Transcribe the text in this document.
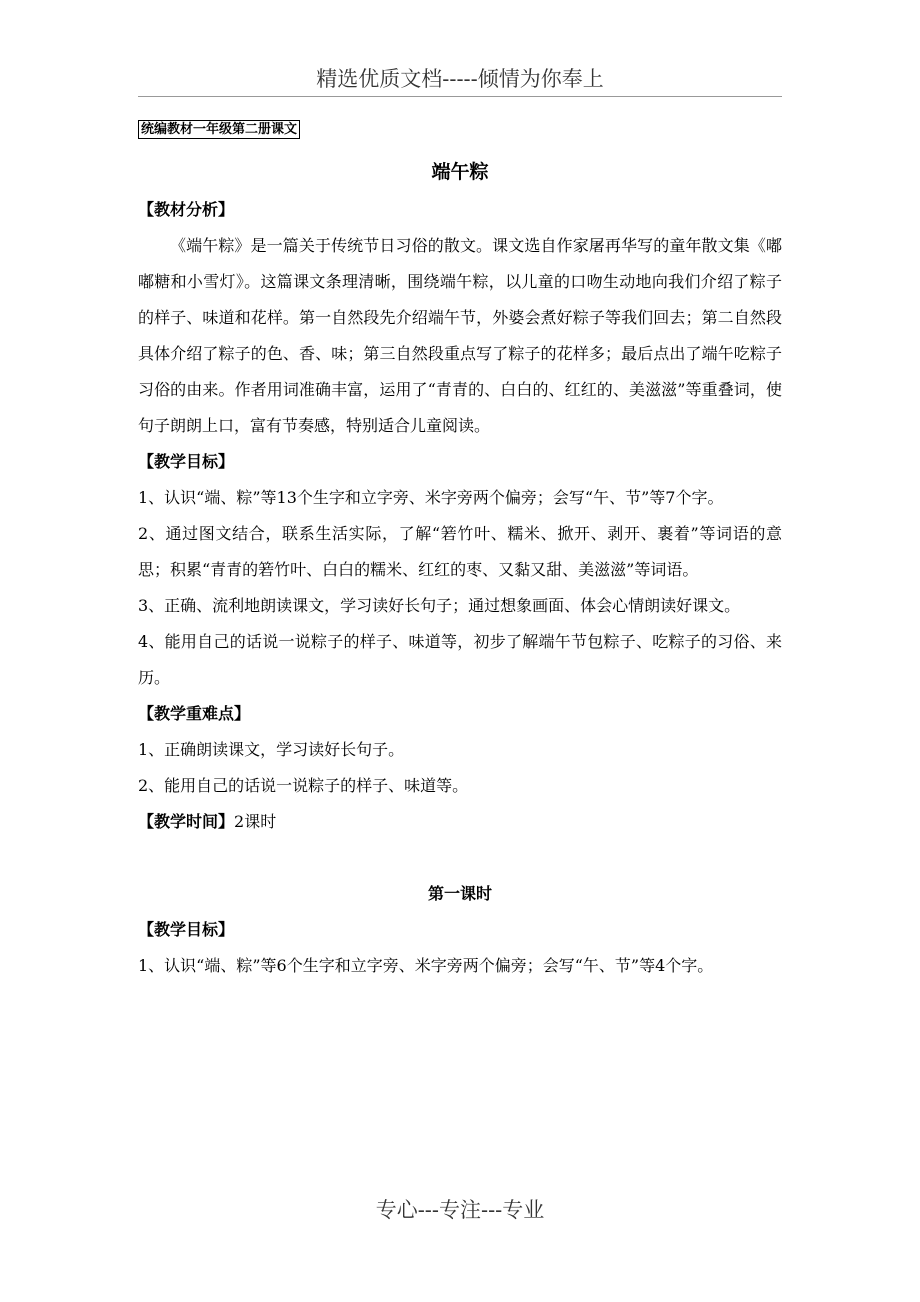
精选优质文档-----倾情为你奉上
统编教材一年级第二册课文
端午粽
【教材分析】

《端午粽》是一篇关于传统节日习俗的散文。课文选自作家屠再华写的童年散文集《嘟嘟糖和小雪灯》。这篇课文条理清晰，围绕端午粽，以儿童的口吻生动地向我们介绍了粽子的样子、味道和花样。第一自然段先介绍端午节，外婆会煮好粽子等我们回去；第二自然段具体介绍了粽子的色、香、味；第三自然段重点写了粽子的花样多；最后点出了端午吃粽子习俗的由来。作者用词准确丰富，运用了“青青的、白白的、红红的、美滋滋”等重叠词，使句子朗朗上口，富有节奏感，特别适合儿童阅读。

【教学目标】

1、认识“端、粽”等13个生字和立字旁、米字旁两个偏旁；会写“午、节”等7个字。

2、通过图文结合，联系生活实际，了解“箬竹叶、糯米、掀开、剥开、裹着”等词语的意思；积累“青青的箬竹叶、白白的糯米、红红的枣、又黏又甜、美滋滋”等词语。

3、正确、流利地朗读课文，学习读好长句子；通过想象画面、体会心情朗读好课文。

4、能用自己的话说一说粽子的样子、味道等，初步了解端午节包粽子、吃粽子的习俗、来历。

【教学重难点】

1、正确朗读课文，学习读好长句子。

2、能用自己的话说一说粽子的样子、味道等。

【教学时间】2课时
第一课时
【教学目标】

1、认识“端、粽”等6个生字和立字旁、米字旁两个偏旁；会写“午、节”等4个字。

专心---专注---专业
